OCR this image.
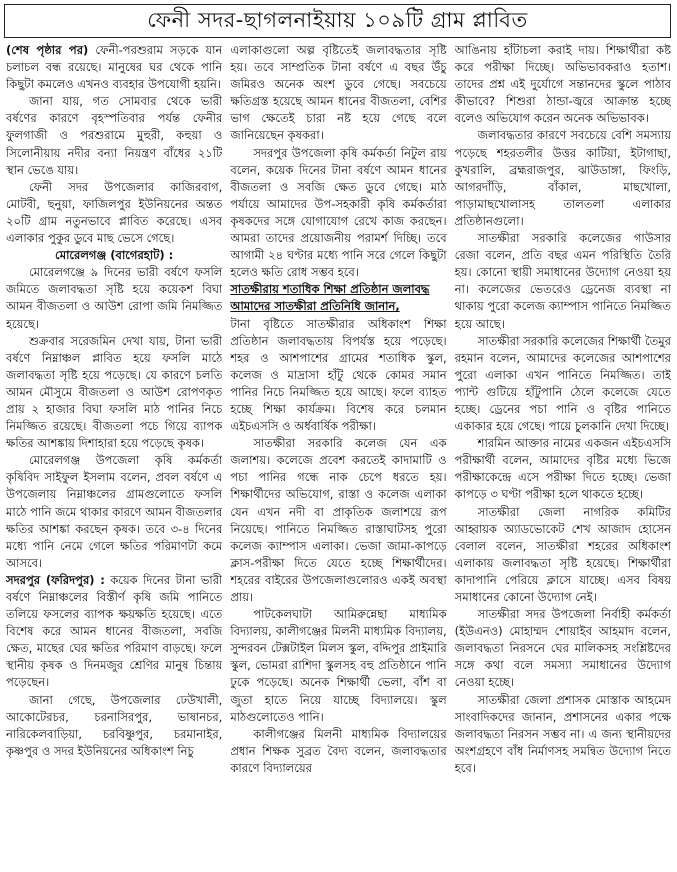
ফেনী সদর-ছাগলনাইয়ায় ১০৯টি গ্রাম প্লাবিত

(শেষ পৃষ্ঠার পর) ফেনী-পরশুরাম সড়কে যান চলাচল বন্ধ রয়েছে। মানুষের ঘর থেকে পানি কিছুটা কমলেও এখনও ব্যবহার উপযোগী হয়নি।

জানা যায়, গত সোমবার থেকে ভারী বর্ষণের কারণে বৃহস্পতিবার পর্যন্ত ফেনীর ফুলগাজী ও পরশুরামে মুহুরী, কহুয়া ও সিলোনীয়ায় নদীর বন্যা নিয়ন্ত্রণ বাঁধের ২১টি স্থান ভেঙে যায়।

ফেনী সদর উপজেলার কাজিরবাগ, মোটবী, ছনুয়া, ফাজিলপুর ইউনিয়নের অন্তত ২০টি গ্রাম নতুনভাবে প্লাবিত করেছে। এসব এলাকার পুকুর ডুবে মাছ ভেসে গেছে।

মোরেলগঞ্জ (বাগেরহাট) :

মোরেলগঞ্জে ৯ দিনের ভারী বর্ষণে ফসলি জমিতে জলাবদ্ধতা সৃষ্টি হয়ে কয়েকশ বিঘা আমন বীজতলা ও আউশ রোপা জমি নিমজ্জিত হয়েছে।

শুক্রবার সরেজমিন দেখা যায়, টানা ভারী বর্ষণে নিম্নাঞ্চল প্লাবিত হয়ে ফসলি মাঠে জলাবদ্ধতা সৃষ্টি হয়ে পড়েছে। যে কারণে চলতি আমন মৌসুমে বীজতলা ও আউশ রোপণকৃত প্রায় ২ হাজার বিঘা ফসলি মাঠ পানির নিচে নিমজ্জিত রয়েছে। বীজতলা পচে গিয়ে ব্যাপক ক্ষতির আশঙ্কায় দিশাহারা হয়ে পড়েছে কৃষক।

মোরেলগঞ্জ উপজেলা কৃষি কর্মকর্তা কৃষিবিদ সাইফুল ইসলাম বলেন, প্রবল বর্ষণে এ উপজেলায় নিম্নাঞ্চলের গ্রামগুলোতে ফসলি মাঠে পানি জমে থাকার কারণে আমন বীজতলার ক্ষতির আশঙ্কা করছেন কৃষক। তবে ৩-৪ দিনের মধ্যে পানি নেমে গেলে ক্ষতির পরিমাণটা কমে আসবে।

সদরপুর (ফরিদপুর) : কয়েক দিনের টানা ভারী বর্ষণে নিম্নাঞ্চলের বিস্তীর্ণ কৃষি জমি পানিতে তলিয়ে ফসলের ব্যাপক ক্ষয়ক্ষতি হয়েছে। এতে বিশেষ করে আমন ধানের বীজতলা, সবজি ক্ষেত, মাছের ঘের ক্ষতির পরিমাণ বাড়ছে। ফলে স্থানীয় কৃষক ও দিনমজুর শ্রেণির মানুষ চিন্তায় পড়েছেন।

জানা গেছে, উপজেলার ঢেউখালী, আকোটেরচর, চরনাসিরপুর, ভাষানচর, নারিকেলবাড়িয়া, চরবিষ্ণুপুর, চরমানাইর, কৃষ্ণপুর ও সদর ইউনিয়নের অধিকাংশ নিচু

এলাকাগুলো অল্প বৃষ্টিতেই জলাবদ্ধতার সৃষ্টি হয়। তবে সাম্প্রতিক টানা বর্ষণে এ বছর উঁচু জমিরও অনেক অংশ ডুবে গেছে। সবচেয়ে ক্ষতিগ্রস্ত হয়েছে আমন ধানের বীজতলা, বেশির ভাগ ক্ষেতেই চারা নষ্ট হয়ে গেছে বলে জানিয়েছেন কৃষকরা।

সদরপুর উপজেলা কৃষি কর্মকর্তা নিটুল রায় বলেন, কয়েক দিনের টানা বর্ষণে আমন ধানের বীজতলা ও সবজি ক্ষেত ডুবে গেছে। মাঠ পর্যায়ে আমাদের উপ-সহকারী কৃষি কর্মকর্তারা কৃষকদের সঙ্গে যোগাযোগ রেখে কাজ করছেন। আমরা তাদের প্রয়োজনীয় পরামর্শ দিচ্ছি। তবে আগামী ২৪ ঘণ্টার মধ্যে পানি সরে গেলে কিছুটা হলেও ক্ষতি রোধ সম্ভব হবে।

সাতক্ষীরায় শতাধিক শিক্ষা প্রতিষ্ঠান জলাবদ্ধ

আমাদের সাতক্ষীরা প্রতিনিধি জানান,

টানা বৃষ্টিতে সাতক্ষীরার অধিকাংশ শিক্ষা প্রতিষ্ঠান জলাবদ্ধতায় বিপর্যস্ত হয়ে পড়েছে। শহর ও আশপাশের গ্রামের শতাধিক স্কুল, কলেজ ও মাদ্রাসা হাঁটু থেকে কোমর সমান পানির নিচে নিমজ্জিত হয়ে আছে। ফলে ব্যাহত হচ্ছে শিক্ষা কার্যক্রম। বিশেষ করে চলমান এইচএসসি ও অর্ধবার্ষিক পরীক্ষা।

সাতক্ষীরা সরকারি কলেজ যেন এক জলাশয়। কলেজে প্রবেশ করতেই কাদামাটি ও পচা পানির গন্ধে নাক চেপে ধরতে হয়। শিক্ষার্থীদের অভিযোগ, রাস্তা ও কলেজ এলাকা যেন এখন নদী বা প্রাকৃতিক জলাশয়ে রূপ নিয়েছে। পানিতে নিমজ্জিত রাস্তাঘাটসহ পুরো কলেজ ক্যাম্পাস এলাকা। ভেজা জামা-কাপড়ে ক্লাস-পরীক্ষা দিতে যেতে হচ্ছে শিক্ষার্থীদের। শহরের বাইরের উপজেলাগুলোরও একই অবস্থা প্রায়।

পাটকেলঘাটা আমিরুন্নেছা মাধ্যমিক বিদ্যালয়, কালীগঞ্জের মিলনী মাধ্যমিক বিদ্যালয়, সুন্দরবন টেক্সটাইল মিলস স্কুল, বদ্দিপুর প্রাইমারি স্কুল, ভোমরা রাশিদা স্কুলসহ বহু প্রতিষ্ঠানে পানি ঢুকে পড়েছে। অনেক শিক্ষার্থী ভেলা, বাঁশ বা জুতা হাতে নিয়ে যাচ্ছে বিদ্যালয়ে। স্কুল মাঠগুলোতেও পানি।

কালীগঞ্জের মিলনী মাধ্যমিক বিদ্যালয়ের প্রধান শিক্ষক সুব্রত বৈদ্য বলেন, জলাবদ্ধতার কারণে বিদ্যালয়ের

আঙিনায় হাঁটাচলা করাই দায়। শিক্ষার্থীরা কষ্ট করে পরীক্ষা দিচ্ছে। অভিভাবকরাও হতাশ। তাদের প্রশ্ন এই দুর্যোগে সন্তানদের স্কুলে পাঠাব কীভাবে? শিশুরা ঠান্ডা-জ্বরে আক্রান্ত হচ্ছে বলেও অভিযোগ করেন অনেক অভিভাবক।

জলাবদ্ধতার কারণে সবচেয়ে বেশি সমস্যায় পড়েছে শহরতলীর উত্তর কাটিয়া, ইটাগাছা, কুখরালি, ব্রহ্মরাজপুর, ঝাউডাঙ্গা, ফিংড়ি, আগরদাঁড়ি, বাঁকাল, মাছখোলা, পাড়ামাছখোলাসহ তালতলা এলাকার প্রতিষ্ঠানগুলো।

সাতক্ষীরা সরকারি কলেজের গাউসার রেজা বলেন, প্রতি বছর এমন পরিস্থিতি তৈরি হয়। কোনো স্থায়ী সমাধানের উদ্যোগ নেওয়া হয় না। কলেজের ভেতরেও ড্রেনেজ ব্যবস্থা না থাকায় পুরো কলেজ ক্যাম্পাস পানিতে নিমজ্জিত হয়ে আছে।

সাতক্ষীরা সরকারি কলেজের শিক্ষার্থী তৈমুর রহমান বলেন, আমাদের কলেজের আশপাশের পুরো এলাকা এখন পানিতে নিমজ্জিত। তাই প্যান্ট গুটিয়ে হাঁটুপানি ঠেলে কলেজে যেতে হচ্ছে। ড্রেনের পচা পানি ও বৃষ্টির পানিতে একাকার হয়ে গেছে। পায়ে চুলকানি দেখা দিচ্ছে।

শারমিন আক্তার নামের একজন এইচএসসি পরীক্ষার্থী বলেন, আমাদের বৃষ্টির মধ্যে ভিজে পরীক্ষাকেন্দ্রে এসে পরীক্ষা দিতে হচ্ছে। ভেজা কাপড়ে ৩ ঘণ্টা পরীক্ষা হলে থাকতে হচ্ছে।

সাতক্ষীরা জেলা নাগরিক কমিটির আহ্বায়ক অ্যাডভোকেট শেখ আজাদ হোসেন বেলাল বলেন, সাতক্ষীরা শহরের অধিকাংশ এলাকায় জলাবদ্ধতা সৃষ্টি হয়েছে। শিক্ষার্থীরা কাদাপানি পেরিয়ে ক্লাসে যাচ্ছে। এসব বিষয় সমাধানের কোনো উদ্যোগ নেই।

সাতক্ষীরা সদর উপজেলা নির্বাহী কর্মকর্তা (ইউএনও) মোহাম্মদ শোয়াইব আহমাদ বলেন, জলাবদ্ধতা নিরসনে ঘের মালিকসহ সংশ্লিষ্টদের সঙ্গে কথা বলে সমস্যা সমাধানের উদ্যোগ নেওয়া হচ্ছে।

সাতক্ষীরা জেলা প্রশাসক মোস্তাক আহমেদ সাংবাদিকদের জানান, প্রশাসনের একার পক্ষে জলাবদ্ধতা নিরসন সম্ভব না। এ জন্য স্থানীয়দের অংশগ্রহণে বাঁধ নির্মাণসহ সমন্বিত উদ্যোগ নিতে হবে।
